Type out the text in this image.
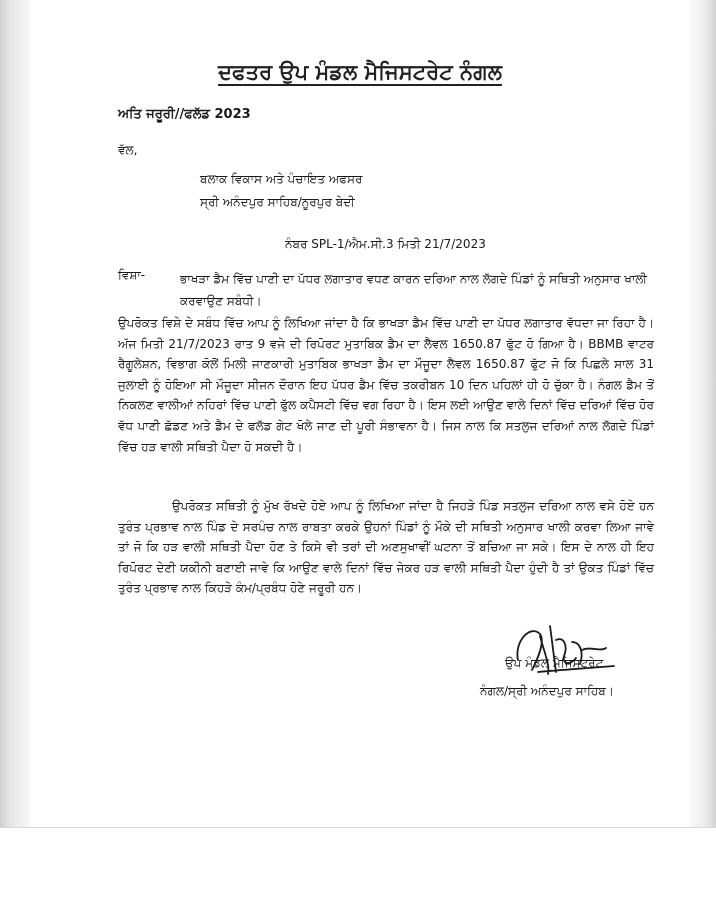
ਦਫਤਰ ਉਪ ਮੰਡਲ ਮੈਜਿਸਟਰੇਟ ਨੰਗਲ
ਅਤਿ ਜਰੂਰੀ//ਫਲੱਡ 2023
ਵੱਲ,
ਬਲਾਕ ਵਿਕਾਸ ਅਤੇ ਪੰਚਾਇਤ ਅਫਸਰ
ਸ੍ਰੀ ਅਨੰਦਪੁਰ ਸਾਹਿਬ/ਨੂਰਪੁਰ ਬੇਦੀ
ਨੰਬਰ SPL-1/ਐਮ.ਸੀ.3 ਮਿਤੀ 21/7/2023
ਵਿਸ਼ਾ-	ਭਾਖੜਾ ਡੈਮ ਵਿੱਚ ਪਾਣੀ ਦਾ ਪੱਧਰ ਲਗਾਤਾਰ ਵਧਣ ਕਾਰਨ ਦਰਿਆ ਨਾਲ ਲੱਗਦੇ ਪਿੰਡਾਂ ਨੂੰ ਸਥਿਤੀ ਅਨੁਸਾਰ ਖਾਲੀ ਕਰਵਾਉਣ ਸਬੰਧੀ।
ਉਪਰੋਕਤ ਵਿਸ਼ੇ ਦੇ ਸਬੰਧ ਵਿੱਚ ਆਪ ਨੂੰ ਲਿਖਿਆ ਜਾਂਦਾ ਹੈ ਕਿ ਭਾਖੜਾ ਡੈਮ ਵਿੱਚ ਪਾਣੀ ਦਾ ਪੱਧਰ ਲਗਾਤਾਰ ਵੱਧਦਾ ਜਾ ਰਿਹਾ ਹੈ। ਅੱਜ ਮਿਤੀ 21/7/2023 ਰਾਤ 9 ਵਜੇ ਦੀ ਰਿਪੋਰਟ ਮੁਤਾਬਿਕ ਡੈਮ ਦਾ ਲੈਵਲ 1650.87 ਫੁੱਟ ਹੋ ਗਿਆ ਹੈ। BBMB ਵਾਟਰ ਰੈਗੂਲੇਸ਼ਨ, ਵਿਭਾਗ ਕੋਲੋਂ ਮਿਲੀ ਜਾਣਕਾਰੀ ਮੁਤਾਬਿਕ ਭਾਖੜਾ ਡੈਮ ਦਾ ਮੌਜੂਦਾ ਲੈਵਲ 1650.87 ਫੁੱਟ ਜੋ ਕਿ ਪਿਛਲੇ ਸਾਲ 31 ਜੁਲਾਈ ਨੂੰ ਹੋਇਆ ਸੀ ਮੌਜੂਦਾ ਸੀਜਨ ਦੌਰਾਨ ਇਹ ਪੱਧਰ ਡੈਮ ਵਿੱਚ ਤਕਰੀਬਨ 10 ਦਿਨ ਪਹਿਲਾਂ ਹੀ ਹੋ ਚੁੱਕਾ ਹੈ। ਨੰਗਲ ਡੈਮ ਤੋਂ ਨਿਕਲਣ ਵਾਲੀਆਂ ਨਹਿਰਾਂ ਵਿੱਚ ਪਾਣੀ ਫੁੱਲ ਕਪੈਸਟੀ ਵਿੱਚ ਵਗ ਰਿਹਾ ਹੈ। ਇਸ ਲਈ ਆਉਣ ਵਾਲੇ ਦਿਨਾਂ ਵਿੱਚ ਦਰਿਆਂ ਵਿੱਚ ਹੋਰ ਵੱਧ ਪਾਣੀ ਛੱਡਣ ਅਤੇ ਡੈਮ ਦੇ ਫਲੱਡ ਗੇਟ ਖੋਲੇ ਜਾਣ ਦੀ ਪੂਰੀ ਸੰਭਾਵਨਾ ਹੈ। ਜਿਸ ਨਾਲ ਕਿ ਸਤਲੁਜ ਦਰਿਆਂ ਨਾਲ ਲੱਗਦੇ ਪਿੰਡਾਂ ਵਿੱਚ ਹੜ ਵਾਲੀ ਸਥਿਤੀ ਪੈਦਾ ਹੋ ਸਕਦੀ ਹੈ।
ਉਪਰੋਕਤ ਸਥਿਤੀ ਨੂੰ ਮੁੱਖ ਰੱਖਦੇ ਹੋਏ ਆਪ ਨੂੰ ਲਿਖਿਆ ਜਾਂਦਾ ਹੈ ਜਿਹੜੇ ਪਿੰਡ ਸਤਲੁਜ ਦਰਿਆ ਨਾਲ ਵਸੇ ਹੋਏ ਹਨ ਤੁਰੰਤ ਪ੍ਰਭਾਵ ਨਾਲ ਪਿੰਡ ਦੇ ਸਰਪੰਚ ਨਾਲ ਰਾਬਤਾ ਕਰਕੇ ਉਹਨਾਂ ਪਿੰਡਾਂ ਨੂੰ ਮੌਕੇ ਦੀ ਸਥਿਤੀ ਅਨੁਸਾਰ ਖਾਲੀ ਕਰਵਾ ਲਿਆ ਜਾਵੇ ਤਾਂ ਜੋ ਕਿ ਹੜ ਵਾਲੀ ਸਥਿਤੀ ਪੈਦਾ ਹੋਣ ਤੇ ਕਿਸੇ ਵੀ ਤਰਾਂ ਦੀ ਅਣਸੁਖਾਵੀਂ ਘਟਨਾ ਤੋਂ ਬਚਿਆ ਜਾ ਸਕੇ। ਇਸ ਦੇ ਨਾਲ ਹੀ ਇਹ ਰਿਪੋਰਟ ਦੇਣੀ ਯਕੀਨੀ ਬਣਾਈ ਜਾਵੇ ਕਿ ਆਉਣ ਵਾਲੇ ਦਿਨਾਂ ਵਿੱਚ ਜੇਕਰ ਹੜ ਵਾਲੀ ਸਥਿਤੀ ਪੈਦਾ ਹੁੰਦੀ ਹੈ ਤਾਂ ਉਕਤ ਪਿੰਡਾਂ ਵਿੱਚ ਤੁਰੰਤ ਪ੍ਰਭਾਵ ਨਾਲ ਕਿਹੜੇ ਕੰਮ/ਪ੍ਰਬੰਧ ਹੋਣੇ ਜਰੂਰੀ ਹਨ।
ਉਪ ਮੰਡਲ ਮੈਜਿਸਟਰੇਟ
ਨੰਗਲ/ਸ੍ਰੀ ਅਨੰਦਪੁਰ ਸਾਹਿਬ।
